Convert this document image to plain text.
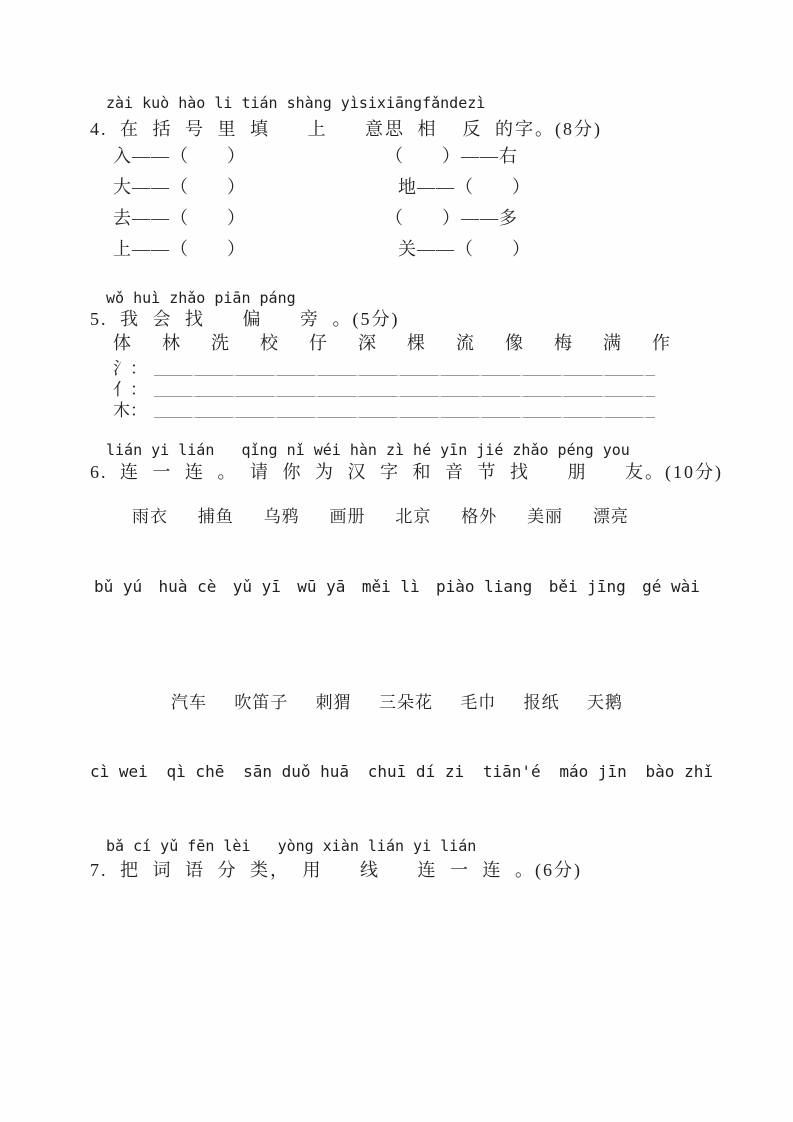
zài kuò hào li tián shàng yìsixiāngfǎndezì
4. 在 括 号 里 填   上   意思 相  反 的字。(8分)
入——（　　）
大——（　　）
去——（　　）
上——（　　）
（　　）——右
地——（　　）
（　　）——多
关——（　　）
wǒ huì zhǎo piān páng
5. 我 会 找   偏   旁 。(5分)
体 林 洗 校 仔 深 棵 流 像 梅 满 作
氵：
亻：
木：
lián yi lián   qǐng nǐ wéi hàn zì hé yīn jié zhǎo péng you
6. 连 一 连 。 请 你 为 汉 字 和 音 节 找   朋   友。(10分)
雨衣 捕鱼 乌鸦 画册 北京 格外 美丽 漂亮
bǔ yú huà cè yǔ yī wū yā měi lì piào liang běi jīng gé wài
汽车 吹笛子 刺猬 三朵花 毛巾 报纸 天鹅
cì wei qì chē sān duǒ huā chuī dí zi tiān'é máo jīn bào zhǐ
bǎ cí yǔ fēn lèi   yòng xiàn lián yi lián
7. 把 词 语 分 类， 用   线   连 一 连 。(6分)
